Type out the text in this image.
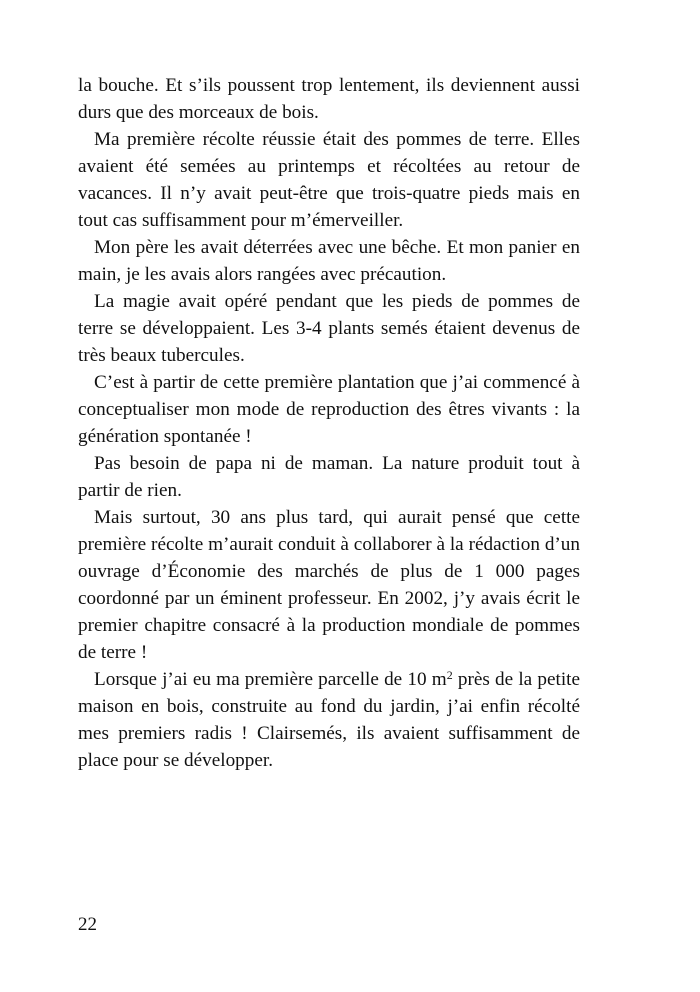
la bouche. Et s’ils poussent trop lentement, ils deviennent aussi durs que des morceaux de bois.

Ma première récolte réussie était des pommes de terre. Elles avaient été semées au printemps et récoltées au retour de vacances. Il n’y avait peut-être que trois-quatre pieds mais en tout cas suffisamment pour m’émerveiller.

Mon père les avait déterrées avec une bêche. Et mon panier en main, je les avais alors rangées avec précaution.

La magie avait opéré pendant que les pieds de pommes de terre se développaient. Les 3-4 plants semés étaient devenus de très beaux tubercules.

C’est à partir de cette première plantation que j’ai commencé à conceptualiser mon mode de reproduction des êtres vivants : la génération spontanée !

Pas besoin de papa ni de maman. La nature produit tout à partir de rien.

Mais surtout, 30 ans plus tard, qui aurait pensé que cette première récolte m’aurait conduit à collaborer à la rédaction d’un ouvrage d’Économie des marchés de plus de 1 000 pages coordonné par un éminent professeur. En 2002, j’y avais écrit le premier chapitre consacré à la production mondiale de pommes de terre !

Lorsque j’ai eu ma première parcelle de 10 $m^2$ près de la petite maison en bois, construite au fond du jardin, j’ai enfin récolté mes premiers radis ! Clairsemés, ils avaient suffisamment de place pour se développer.

22
